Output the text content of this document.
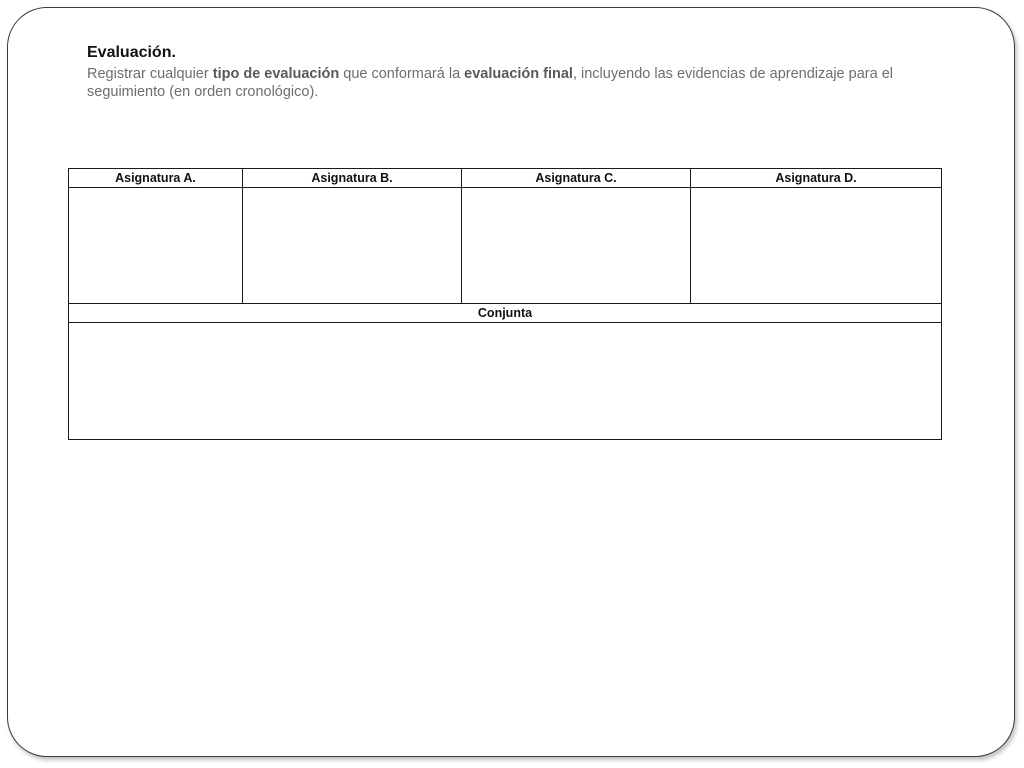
Evaluación.

Registrar cualquier tipo de evaluación que conformará la evaluación final, incluyendo las evidencias de aprendizaje para el seguimiento (en orden cronológico).

Asignatura A.	Asignatura B.	Asignatura C.	Asignatura D.

Conjunta			
